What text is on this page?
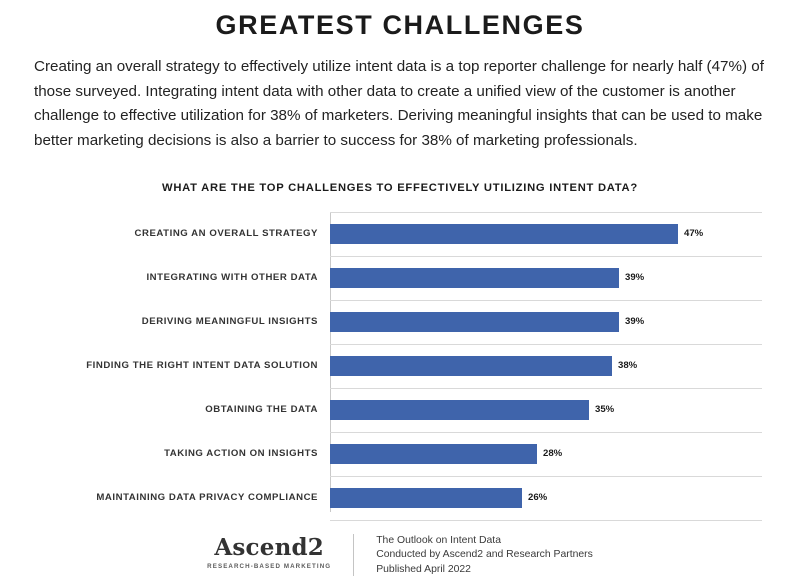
GREATEST CHALLENGES
Creating an overall strategy to effectively utilize intent data is a top reporter challenge for nearly half (47%) of those surveyed. Integrating intent data with other data to create a unified view of the customer is another challenge to effective utilization for 38% of marketers. Deriving meaningful insights that can be used to make better marketing decisions is also a barrier to success for 38% of marketing professionals.
WHAT ARE THE TOP CHALLENGES TO EFFECTIVELY UTILIZING INTENT DATA?
CREATING AN OVERALL STRATEGY	47%
INTEGRATING WITH OTHER DATA	39%
DERIVING MEANINGFUL INSIGHTS	39%
FINDING THE RIGHT INTENT DATA SOLUTION	38%
OBTAINING THE DATA	35%
TAKING ACTION ON INSIGHTS	28%
MAINTAINING DATA PRIVACY COMPLIANCE	26%
Ascend2
RESEARCH-BASED MARKETING
The Outlook on Intent Data
Conducted by Ascend2 and Research Partners
Published April 2022
